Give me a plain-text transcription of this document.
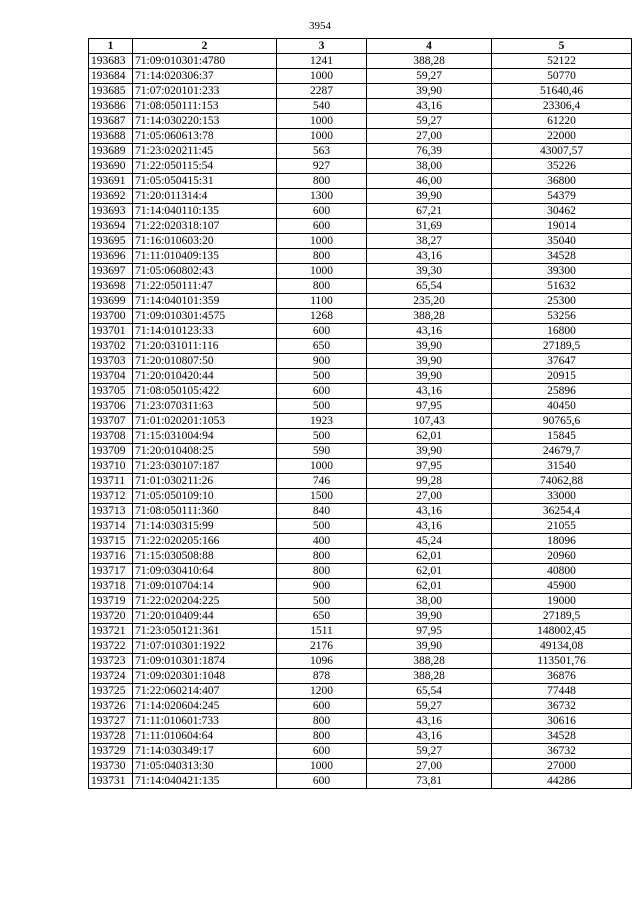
3954
1	2	3	4	5
193683	71:09:010301:4780	1241	388,28	52122
193684	71:14:020306:37	1000	59,27	50770
193685	71:07:020101:233	2287	39,90	51640,46
193686	71:08:050111:153	540	43,16	23306,4
193687	71:14:030220:153	1000	59,27	61220
193688	71:05:060613:78	1000	27,00	22000
193689	71:23:020211:45	563	76,39	43007,57
193690	71:22:050115:54	927	38,00	35226
193691	71:05:050415:31	800	46,00	36800
193692	71:20:011314:4	1300	39,90	54379
193693	71:14:040110:135	600	67,21	30462
193694	71:22:020318:107	600	31,69	19014
193695	71:16:010603:20	1000	38,27	35040
193696	71:11:010409:135	800	43,16	34528
193697	71:05:060802:43	1000	39,30	39300
193698	71:22:050111:47	800	65,54	51632
193699	71:14:040101:359	1100	235,20	25300
193700	71:09:010301:4575	1268	388,28	53256
193701	71:14:010123:33	600	43,16	16800
193702	71:20:031011:116	650	39,90	27189,5
193703	71:20:010807:50	900	39,90	37647
193704	71:20:010420:44	500	39,90	20915
193705	71:08:050105:422	600	43,16	25896
193706	71:23:070311:63	500	97,95	40450
193707	71:01:020201:1053	1923	107,43	90765,6
193708	71:15:031004:94	500	62,01	15845
193709	71:20:010408:25	590	39,90	24679,7
193710	71:23:030107:187	1000	97,95	31540
193711	71:01:030211:26	746	99,28	74062,88
193712	71:05:050109:10	1500	27,00	33000
193713	71:08:050111:360	840	43,16	36254,4
193714	71:14:030315:99	500	43,16	21055
193715	71:22:020205:166	400	45,24	18096
193716	71:15:030508:88	800	62,01	20960
193717	71:09:030410:64	800	62,01	40800
193718	71:09:010704:14	900	62,01	45900
193719	71:22:020204:225	500	38,00	19000
193720	71:20:010409:44	650	39,90	27189,5
193721	71:23:050121:361	1511	97,95	148002,45
193722	71:07:010301:1922	2176	39,90	49134,08
193723	71:09:010301:1874	1096	388,28	113501,76
193724	71:09:020301:1048	878	388,28	36876
193725	71:22:060214:407	1200	65,54	77448
193726	71:14:020604:245	600	59,27	36732
193727	71:11:010601:733	800	43,16	30616
193728	71:11:010604:64	800	43,16	34528
193729	71:14:030349:17	600	59,27	36732
193730	71:05:040313:30	1000	27,00	27000
193731	71:14:040421:135	600	73,81	44286
